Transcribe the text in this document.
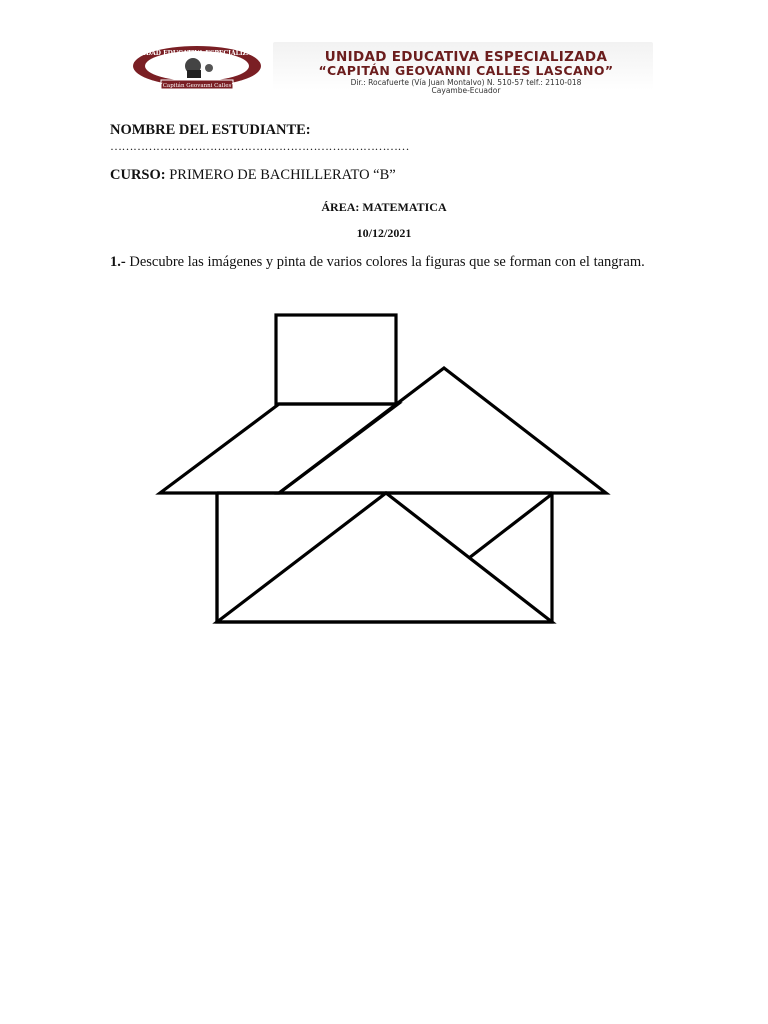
UNIDAD EDUCATIVA ESPECIALIZADA
“Capitán Geovanni Calles”
UNIDAD EDUCATIVA ESPECIALIZADA
“CAPITÁN GEOVANNI CALLES LASCANO”
Dir.: Rocafuerte (Vía Juan Montalvo) N. 510-57 telf.: 2110-018
Cayambe-Ecuador
NOMBRE DEL ESTUDIANTE:
……………………………………………………………………
CURSO: PRIMERO DE BACHILLERATO “B”
ÁREA: MATEMATICA
10/12/2021
1.- Descubre las imágenes y pinta de varios colores la figuras que se forman con el tangram.
